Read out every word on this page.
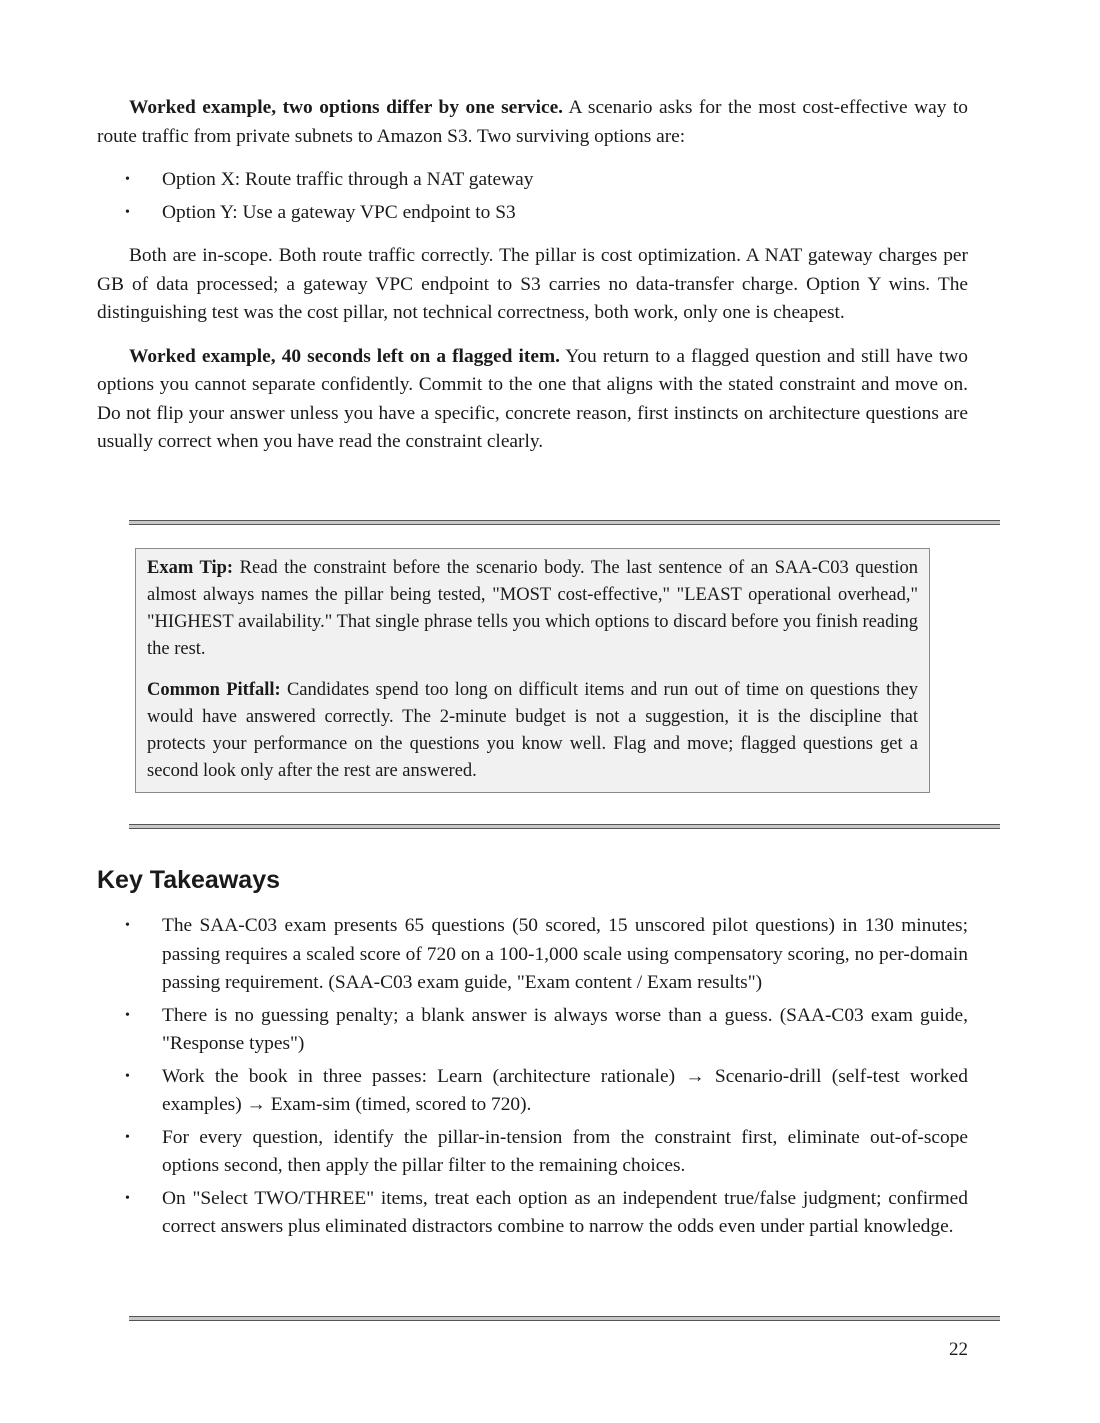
Worked example, two options differ by one service. A scenario asks for the most cost-effective way to route traffic from private subnets to Amazon S3. Two surviving options are:

• Option X: Route traffic through a NAT gateway
• Option Y: Use a gateway VPC endpoint to S3

Both are in-scope. Both route traffic correctly. The pillar is cost optimization. A NAT gateway charges per GB of data processed; a gateway VPC endpoint to S3 carries no data-transfer charge. Option Y wins. The distinguishing test was the cost pillar, not technical correctness, both work, only one is cheapest.

Worked example, 40 seconds left on a flagged item. You return to a flagged question and still have two options you cannot separate confidently. Commit to the one that aligns with the stated constraint and move on. Do not flip your answer unless you have a specific, concrete reason, first instincts on architecture questions are usually correct when you have read the constraint clearly.

Exam Tip: Read the constraint before the scenario body. The last sentence of an SAA-C03 question almost always names the pillar being tested, "MOST cost-effective," "LEAST operational overhead," "HIGHEST availability." That single phrase tells you which options to discard before you finish reading the rest.

Common Pitfall: Candidates spend too long on difficult items and run out of time on questions they would have answered correctly. The 2-minute budget is not a suggestion, it is the discipline that protects your performance on the questions you know well. Flag and move; flagged questions get a second look only after the rest are answered.

Key Takeaways
• The SAA-C03 exam presents 65 questions (50 scored, 15 unscored pilot questions) in 130 minutes; passing requires a scaled score of 720 on a 100-1,000 scale using compensatory scoring, no per-domain passing requirement. (SAA-C03 exam guide, "Exam content / Exam results")
• There is no guessing penalty; a blank answer is always worse than a guess. (SAA-C03 exam guide, "Response types")
• Work the book in three passes: Learn (architecture rationale) → Scenario-drill (self-test worked examples) → Exam-sim (timed, scored to 720).
• For every question, identify the pillar-in-tension from the constraint first, eliminate out-of-scope options second, then apply the pillar filter to the remaining choices.
• On "Select TWO/THREE" items, treat each option as an independent true/false judgment; confirmed correct answers plus eliminated distractors combine to narrow the odds even under partial knowledge.
22
